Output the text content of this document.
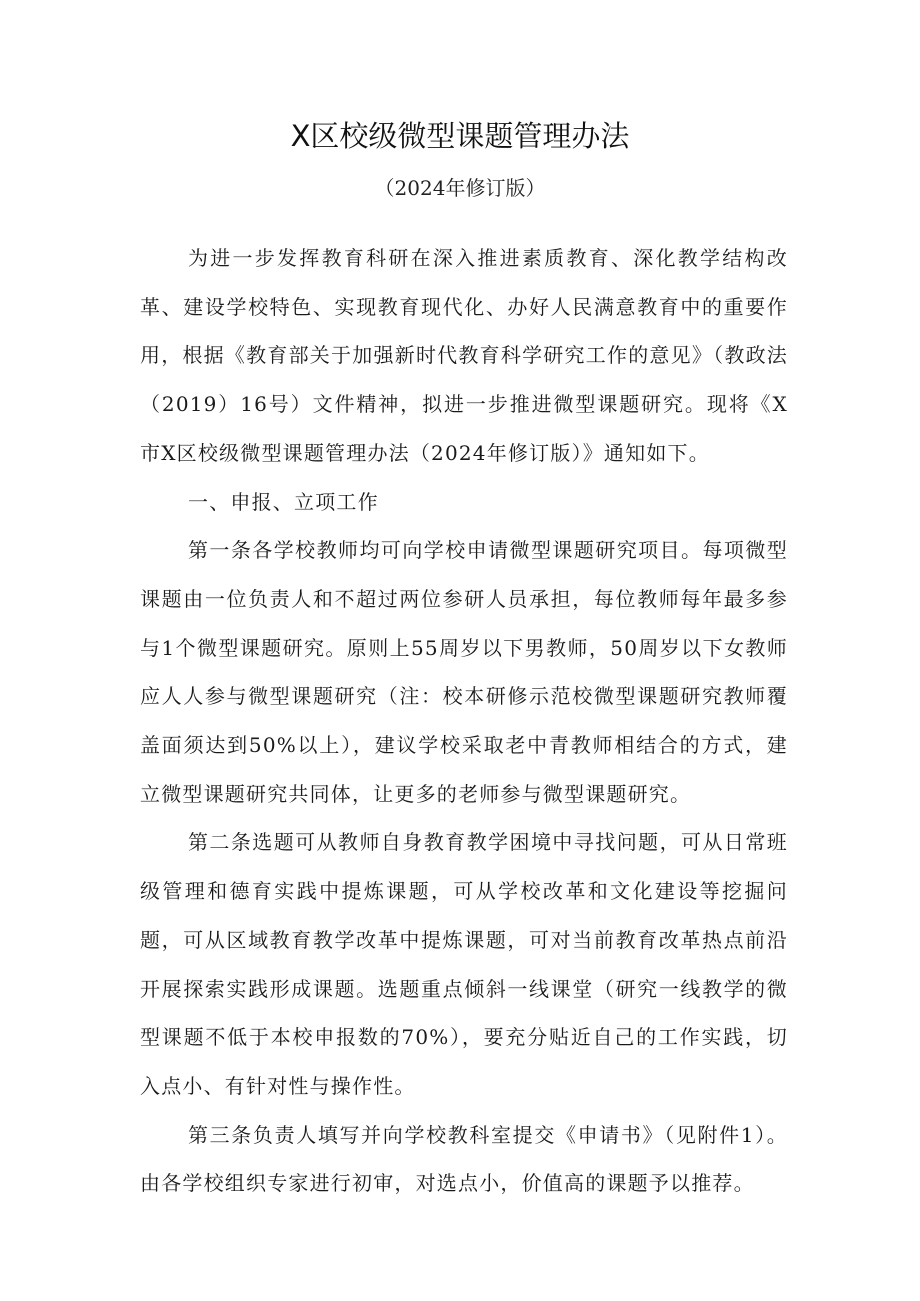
X区校级微型课题管理办法
（2024年修订版）

为进一步发挥教育科研在深入推进素质教育、深化教学结构改革、建设学校特色、实现教育现代化、办好人民满意教育中的重要作用，根据《教育部关于加强新时代教育科学研究工作的意见》（教政法（2019）16号）文件精神，拟进一步推进微型课题研究。现将《X市X区校级微型课题管理办法（2024年修订版）》通知如下。

一、申报、立项工作

第一条各学校教师均可向学校申请微型课题研究项目。每项微型课题由一位负责人和不超过两位参研人员承担，每位教师每年最多参与1个微型课题研究。原则上55周岁以下男教师，50周岁以下女教师应人人参与微型课题研究（注：校本研修示范校微型课题研究教师覆盖面须达到50%以上），建议学校采取老中青教师相结合的方式，建立微型课题研究共同体，让更多的老师参与微型课题研究。

第二条选题可从教师自身教育教学困境中寻找问题，可从日常班级管理和德育实践中提炼课题，可从学校改革和文化建设等挖掘问题，可从区域教育教学改革中提炼课题，可对当前教育改革热点前沿开展探索实践形成课题。选题重点倾斜一线课堂（研究一线教学的微型课题不低于本校申报数的70%），要充分贴近自己的工作实践，切入点小、有针对性与操作性。

第三条负责人填写并向学校教科室提交《申请书》（见附件1）。由各学校组织专家进行初审，对选点小，价值高的课题予以推荐。
